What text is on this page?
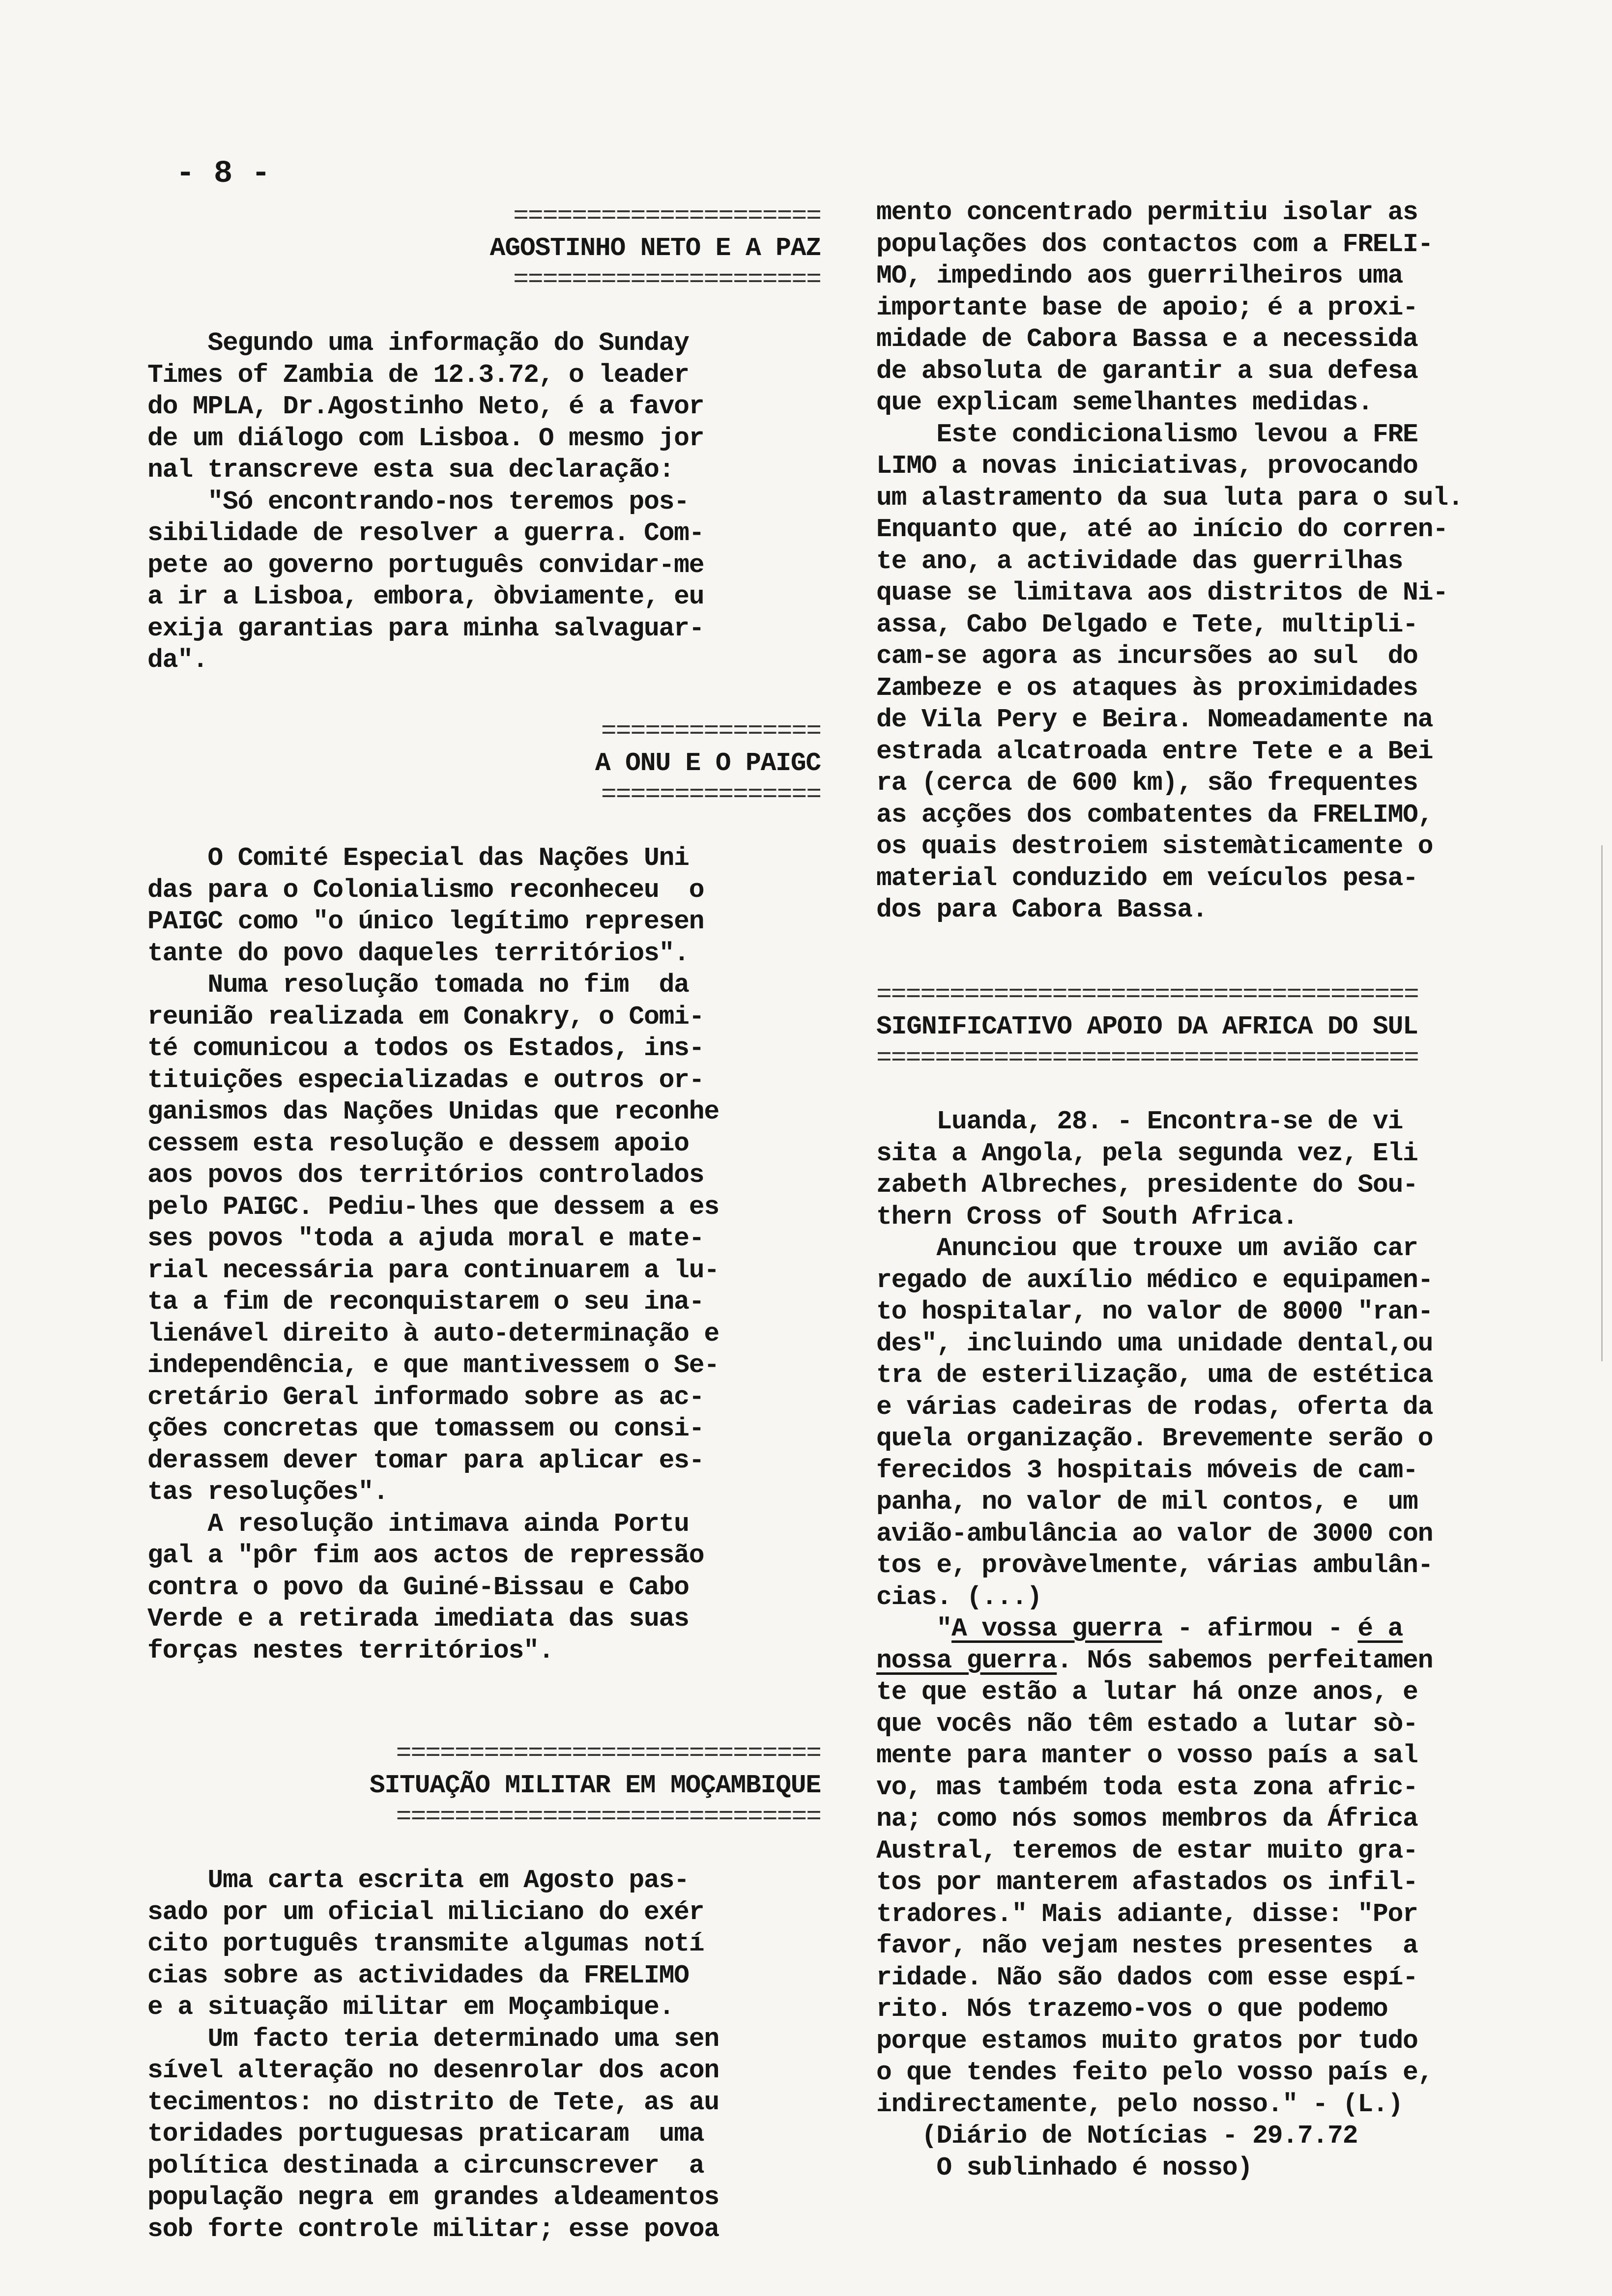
- 8 -
=====================
AGOSTINHO NETO E A PAZ
=====================
Segundo uma informação do Sunday
Times of Zambia de 12.3.72, o leader
do MPLA, Dr.Agostinho Neto, é a favor
de um diálogo com Lisboa. O mesmo jor
nal transcreve esta sua declaração:
"Só encontrando-nos teremos pos-
sibilidade de resolver a guerra. Com-
pete ao governo português convidar-me
a ir a Lisboa, embora, òbviamente, eu
exija garantias para minha salvaguar-
da".
===============
A ONU E O PAIGC
===============
O Comité Especial das Nações Uni
das para o Colonialismo reconheceu  o
PAIGC como "o único legítimo represen
tante do povo daqueles territórios".
Numa resolução tomada no fim  da
reunião realizada em Conakry, o Comi-
té comunicou a todos os Estados, ins-
tituições especializadas e outros or-
ganismos das Nações Unidas que reconhe
cessem esta resolução e dessem apoio
aos povos dos territórios controlados
pelo PAIGC. Pediu-lhes que dessem a es
ses povos "toda a ajuda moral e mate-
rial necessária para continuarem a lu-
ta a fim de reconquistarem o seu ina-
lienável direito à auto-determinação e
independência, e que mantivessem o Se-
cretário Geral informado sobre as ac-
ções concretas que tomassem ou consi-
derassem dever tomar para aplicar es-
tas resoluções".
A resolução intimava ainda Portu
gal a "pôr fim aos actos de repressão
contra o povo da Guiné-Bissau e Cabo
Verde e a retirada imediata das suas
forças nestes territórios".
=============================
SITUAÇÃO MILITAR EM MOÇAMBIQUE
=============================
Uma carta escrita em Agosto pas-
sado por um oficial miliciano do exér
cito português transmite algumas notí
cias sobre as actividades da FRELIMO
e a situação militar em Moçambique.
Um facto teria determinado uma sen
sível alteração no desenrolar dos acon
tecimentos: no distrito de Tete, as au
toridades portuguesas praticaram  uma
política destinada a circunscrever  a
população negra em grandes aldeamentos
sob forte controle militar; esse povoa
mento concentrado permitiu isolar as
populações dos contactos com a FRELI-
MO, impedindo aos guerrilheiros uma
importante base de apoio; é a proxi-
midade de Cabora Bassa e a necessida
de absoluta de garantir a sua defesa
que explicam semelhantes medidas.
Este condicionalismo levou a FRE
LIMO a novas iniciativas, provocando
um alastramento da sua luta para o sul.
Enquanto que, até ao início do corren-
te ano, a actividade das guerrilhas
quase se limitava aos distritos de Ni-
assa, Cabo Delgado e Tete, multipli-
cam-se agora as incursões ao sul  do
Zambeze e os ataques às proximidades
de Vila Pery e Beira. Nomeadamente na
estrada alcatroada entre Tete e a Bei
ra (cerca de 600 km), são frequentes
as acções dos combatentes da FRELIMO,
os quais destroiem sistemàticamente o
material conduzido em veículos pesa-
dos para Cabora Bassa.
=====================================
SIGNIFICATIVO APOIO DA AFRICA DO SUL
=====================================
Luanda, 28. - Encontra-se de vi
sita a Angola, pela segunda vez, Eli
zabeth Albreches, presidente do Sou-
thern Cross of South Africa.
Anunciou que trouxe um avião car
regado de auxílio médico e equipamen-
to hospitalar, no valor de 8000 "ran-
des", incluindo uma unidade dental,ou
tra de esterilização, uma de estética
e várias cadeiras de rodas, oferta da
quela organização. Brevemente serão o
ferecidos 3 hospitais móveis de cam-
panha, no valor de mil contos, e  um
avião-ambulância ao valor de 3000 con
tos e, provàvelmente, várias ambulân-
cias. (...)
"A vossa guerra - afirmou - é a
nossa guerra. Nós sabemos perfeitamen
te que estão a lutar há onze anos, e
que vocês não têm estado a lutar sò-
mente para manter o vosso país a sal
vo, mas também toda esta zona afric-
na; como nós somos membros da África
Austral, teremos de estar muito gra-
tos por manterem afastados os infil-
tradores." Mais adiante, disse: "Por
favor, não vejam nestes presentes  a
ridade. Não são dados com esse espí-
rito. Nós trazemo-vos o que podemo
porque estamos muito gratos por tudo
o que tendes feito pelo vosso país e,
indirectamente, pelo nosso." - (L.)
(Diário de Notícias - 29.7.72
O sublinhado é nosso)
